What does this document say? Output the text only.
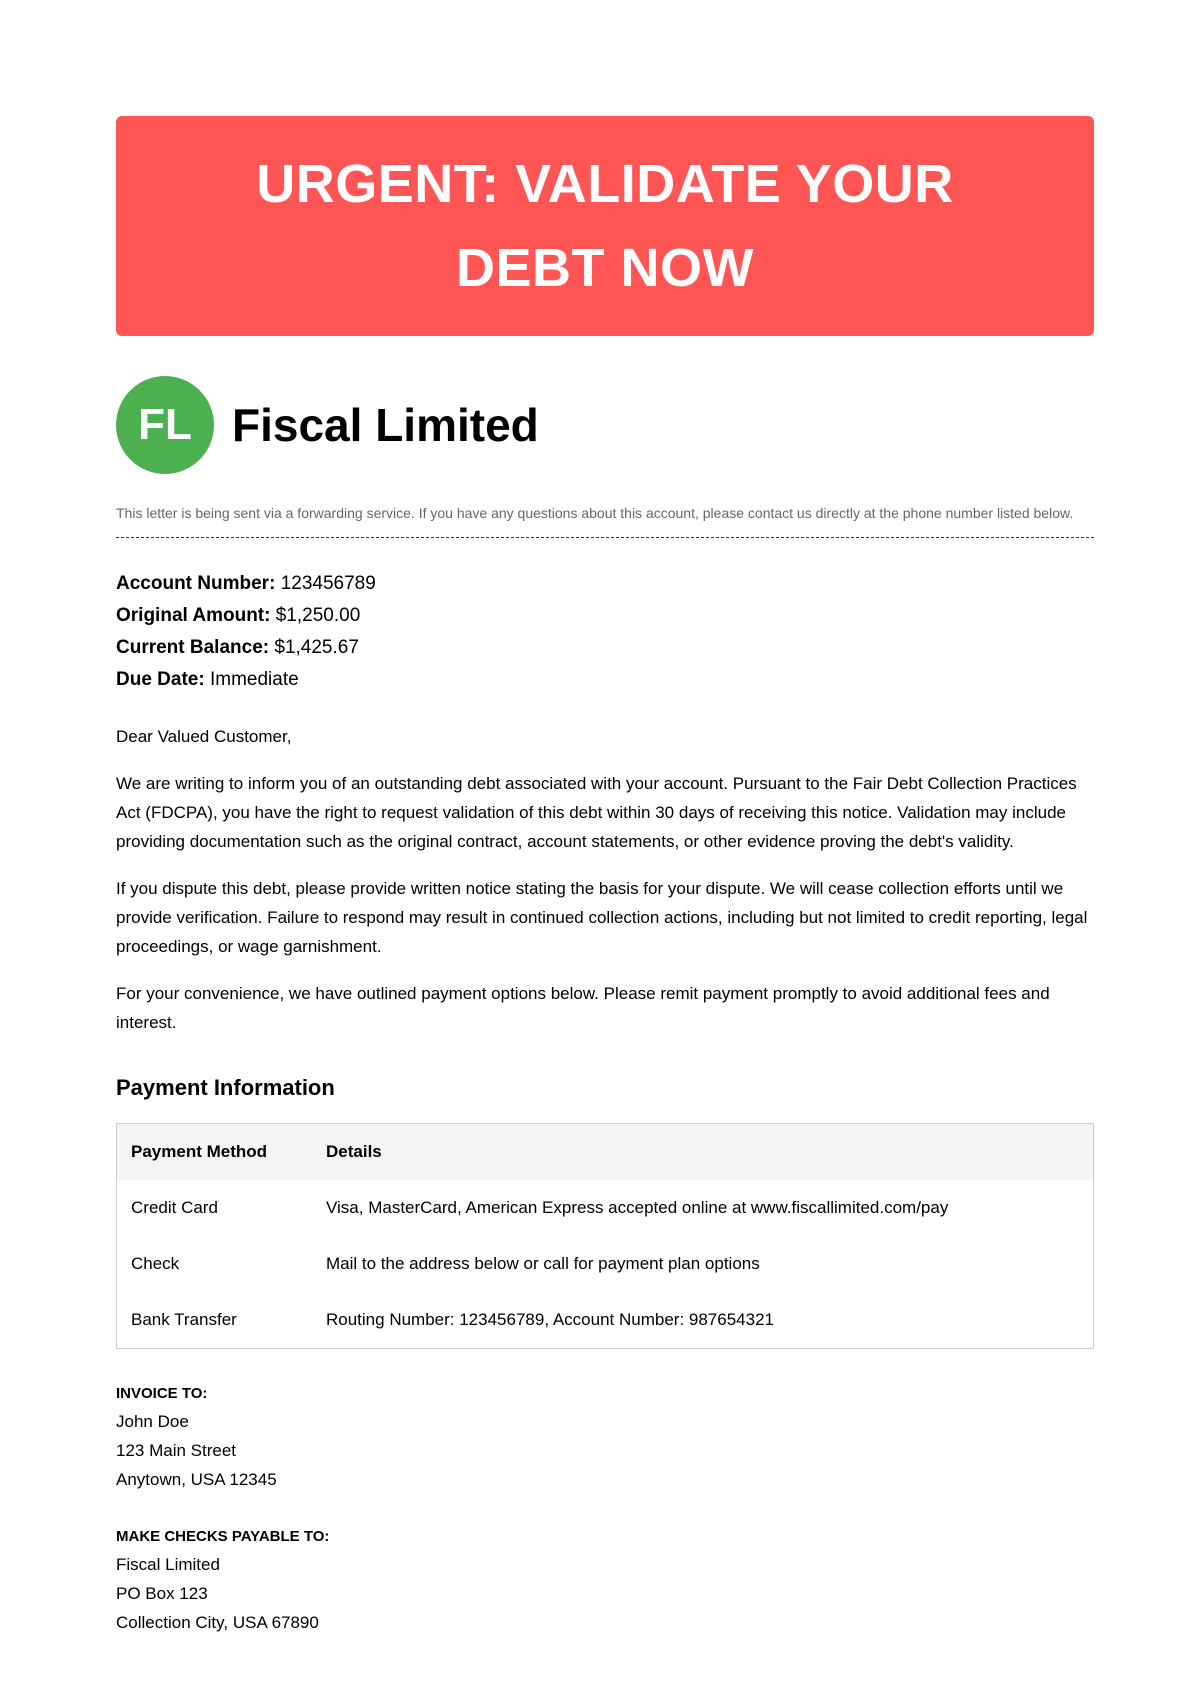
URGENT: VALIDATE YOUR DEBT NOW
FL Fiscal Limited
This letter is being sent via a forwarding service. If you have any questions about this account, please contact us directly at the phone number listed below.
Account Number: 123456789
Original Amount: $1,250.00
Current Balance: $1,425.67
Due Date: Immediate
Dear Valued Customer,

We are writing to inform you of an outstanding debt associated with your account. Pursuant to the Fair Debt Collection Practices Act (FDCPA), you have the right to request validation of this debt within 30 days of receiving this notice. Validation may include providing documentation such as the original contract, account statements, or other evidence proving the debt's validity.

If you dispute this debt, please provide written notice stating the basis for your dispute. We will cease collection efforts until we provide verification. Failure to respond may result in continued collection actions, including but not limited to credit reporting, legal proceedings, or wage garnishment.

For your convenience, we have outlined payment options below. Please remit payment promptly to avoid additional fees and interest.

Payment Information
Payment Method	Details
Credit Card	Visa, MasterCard, American Express accepted online at www.fiscallimited.com/pay
Check	Mail to the address below or call for payment plan options
Bank Transfer	Routing Number: 123456789, Account Number: 987654321
INVOICE TO:
John Doe
123 Main Street
Anytown, USA 12345
MAKE CHECKS PAYABLE TO:
Fiscal Limited
PO Box 123
Collection City, USA 67890
